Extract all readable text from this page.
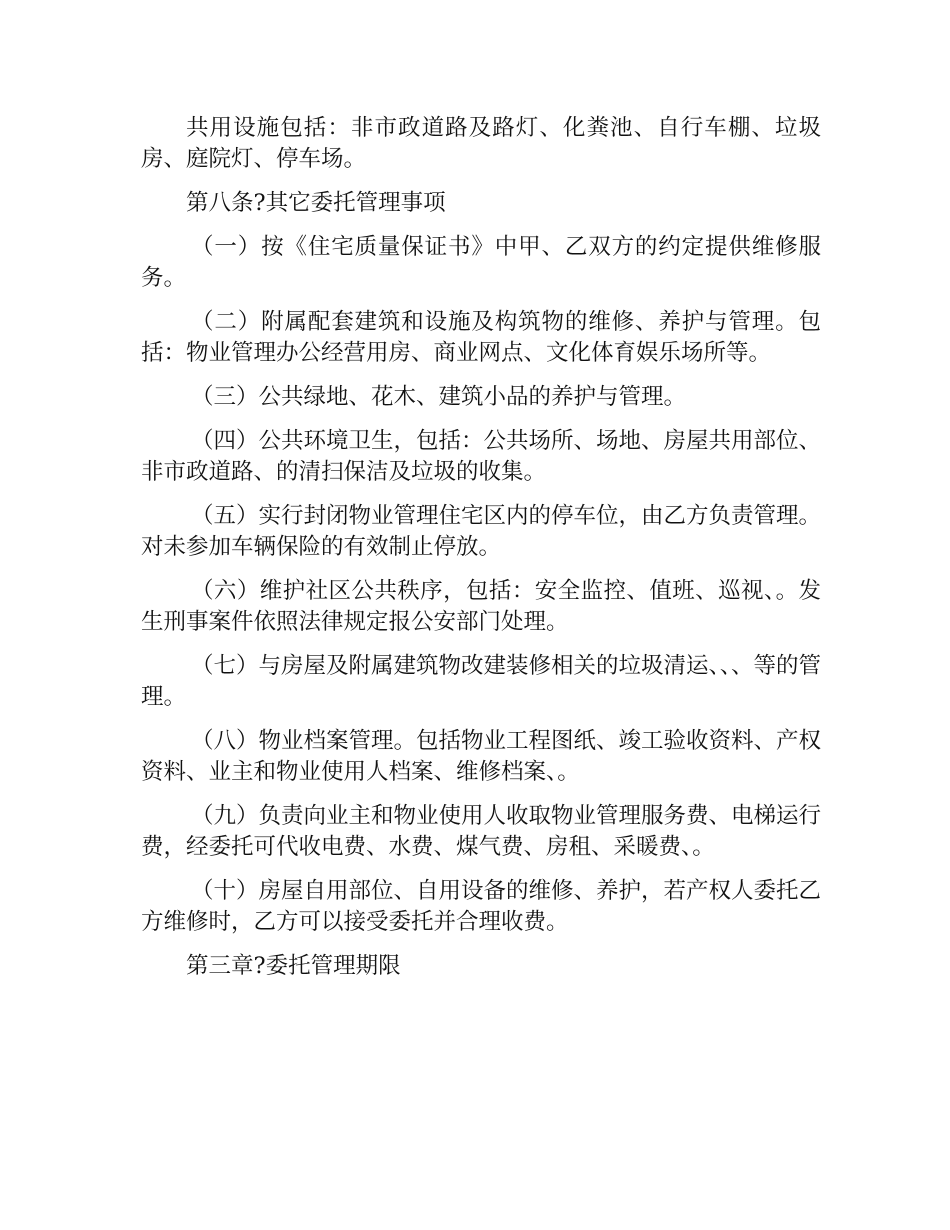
共用设施包括：非市政道路及路灯、化粪池、自行车棚、垃圾房、庭院灯、停车场。

第八条?其它委托管理事项

（一）按《住宅质量保证书》中甲、乙双方的约定提供维修服务。

（二）附属配套建筑和设施及构筑物的维修、养护与管理。包括：物业管理办公经营用房、商业网点、文化体育娱乐场所等。

（三）公共绿地、花木、建筑小品的养护与管理。

（四）公共环境卫生，包括：公共场所、场地、房屋共用部位、非市政道路、的清扫保洁及垃圾的收集。

（五）实行封闭物业管理住宅区内的停车位，由乙方负责管理。对未参加车辆保险的有效制止停放。

（六）维护社区公共秩序，包括：安全监控、值班、巡视、。发生刑事案件依照法律规定报公安部门处理。

（七）与房屋及附属建筑物改建装修相关的垃圾清运、、、等的管理。

（八）物业档案管理。包括物业工程图纸、竣工验收资料、产权资料、业主和物业使用人档案、维修档案、。

（九）负责向业主和物业使用人收取物业管理服务费、电梯运行费，经委托可代收电费、水费、煤气费、房租、采暖费、。

（十）房屋自用部位、自用设备的维修、养护，若产权人委托乙方维修时，乙方可以接受委托并合理收费。

第三章?委托管理期限
